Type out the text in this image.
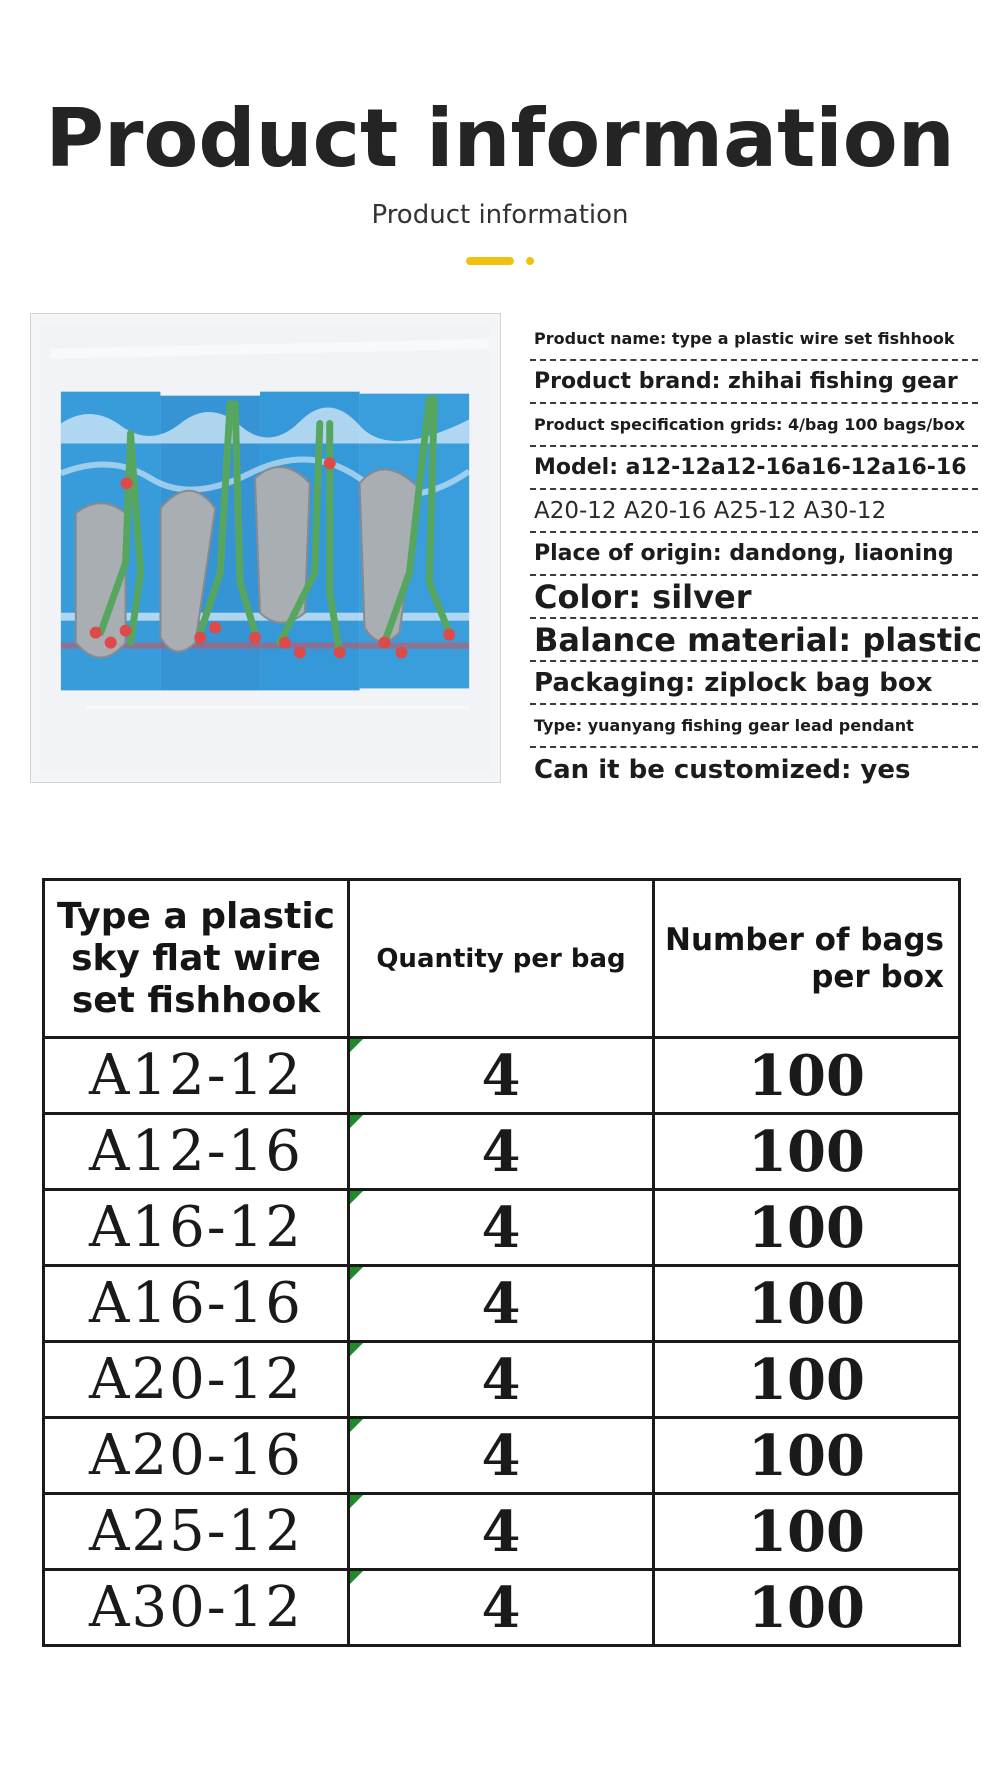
Product information
Product information
Product name: type a plastic wire set fishhook
Product brand: zhihai fishing gear
Product specification grids: 4/bag 100 bags/box
Model: a12-12a12-16a16-12a16-16
A20-12 A20-16 A25-12 A30-12
Place of origin: dandong, liaoning
Color: silver
Balance material: plastic
Packaging: ziplock bag box
Type: yuanyang fishing gear lead pendant
Can it be customized: yes
Type a plastic sky flat wire set fishhook	Quantity per bag	Number of bags per box
A12-12	4	100
A12-16	4	100
A16-12	4	100
A16-16	4	100
A20-12	4	100
A20-16	4	100
A25-12	4	100
A30-12	4	100
